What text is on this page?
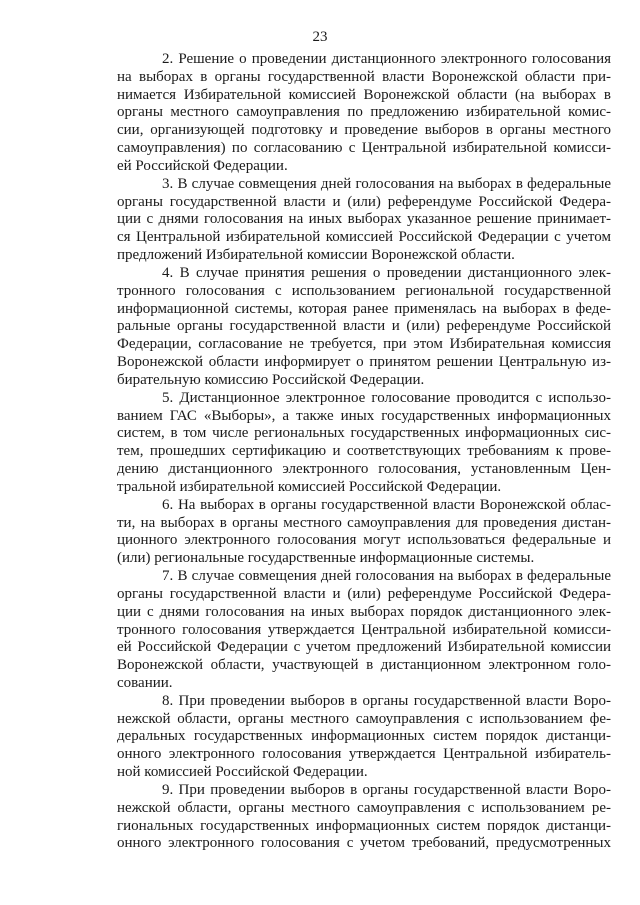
23
2. Решение о проведении дистанционного электронного голосования
на выборах в органы государственной власти Воронежской области при-
нимается Избирательной комиссией Воронежской области (на выборах в
органы местного самоуправления по предложению избирательной комис-
сии, организующей подготовку и проведение выборов в органы местного
самоуправления) по согласованию с Центральной избирательной комисси-
ей Российской Федерации.
3. В случае совмещения дней голосования на выборах в федеральные
органы государственной власти и (или) референдуме Российской Федера-
ции с днями голосования на иных выборах указанное решение принимает-
ся Центральной избирательной комиссией Российской Федерации с учетом
предложений Избирательной комиссии Воронежской области.
4. В случае принятия решения о проведении дистанционного элек-
тронного голосования с использованием региональной государственной
информационной системы, которая ранее применялась на выборах в феде-
ральные органы государственной власти и (или) референдуме Российской
Федерации, согласование не требуется, при этом Избирательная комиссия
Воронежской области информирует о принятом решении Центральную из-
бирательную комиссию Российской Федерации.
5. Дистанционное электронное голосование проводится с использо-
ванием ГАС «Выборы», а также иных государственных информационных
систем, в том числе региональных государственных информационных сис-
тем, прошедших сертификацию и соответствующих требованиям к прове-
дению дистанционного электронного голосования, установленным Цен-
тральной избирательной комиссией Российской Федерации.
6. На выборах в органы государственной власти Воронежской облас-
ти, на выборах в органы местного самоуправления для проведения дистан-
ционного электронного голосования могут использоваться федеральные и
(или) региональные государственные информационные системы.
7. В случае совмещения дней голосования на выборах в федеральные
органы государственной власти и (или) референдуме Российской Федера-
ции с днями голосования на иных выборах порядок дистанционного элек-
тронного голосования утверждается Центральной избирательной комисси-
ей Российской Федерации с учетом предложений Избирательной комиссии
Воронежской области, участвующей в дистанционном электронном голо-
совании.
8. При проведении выборов в органы государственной власти Воро-
нежской области, органы местного самоуправления с использованием фе-
деральных государственных информационных систем порядок дистанци-
онного электронного голосования утверждается Центральной избиратель-
ной комиссией Российской Федерации.
9. При проведении выборов в органы государственной власти Воро-
нежской области, органы местного самоуправления с использованием ре-
гиональных государственных информационных систем порядок дистанци-
онного электронного голосования с учетом требований, предусмотренных
